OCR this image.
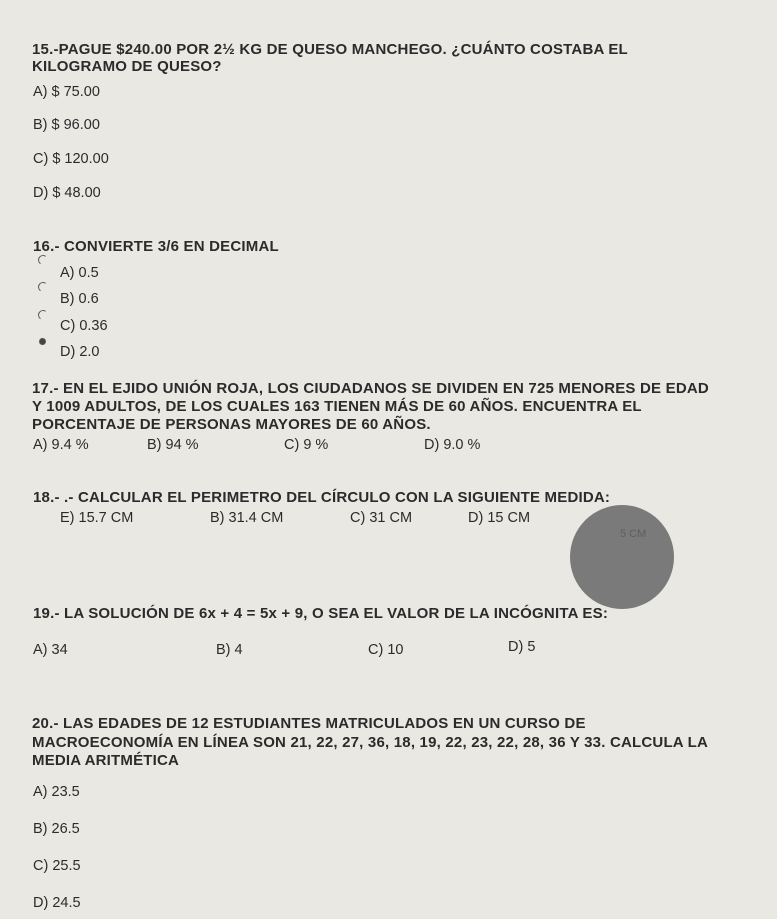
15.-PAGUE $240.00 POR 2½ KG DE QUESO MANCHEGO. ¿CUÁNTO COSTABA EL
KILOGRAMO DE QUESO?
A) $ 75.00
B) $ 96.00
C) $ 120.00
D) $ 48.00
16.- CONVIERTE 3/6 EN DECIMAL
A) 0.5
B) 0.6
C) 0.36
D) 2.0
17.- EN EL EJIDO UNIÓN ROJA, LOS CIUDADANOS SE DIVIDEN EN 725 MENORES DE EDAD
Y 1009 ADULTOS, DE LOS CUALES 163 TIENEN MÁS DE 60 AÑOS. ENCUENTRA EL
PORCENTAJE DE PERSONAS MAYORES DE 60 AÑOS.
A) 9.4 %	B) 94 %	C) 9 %	D) 9.0 %
18.- .- CALCULAR EL PERIMETRO DEL CÍRCULO CON LA SIGUIENTE MEDIDA:
E) 15.7 CM	B) 31.4 CM	C) 31 CM	D) 15 CM
5 CM
19.- LA SOLUCIÓN DE 6x + 4 = 5x + 9, O SEA EL VALOR DE LA INCÓGNITA ES:
A) 34	B) 4	C) 10	D) 5
20.- LAS EDADES DE 12 ESTUDIANTES MATRICULADOS EN UN CURSO DE
MACROECONOMÍA EN LÍNEA SON 21, 22, 27, 36, 18, 19, 22, 23, 22, 28, 36 Y 33. CALCULA LA
MEDIA ARITMÉTICA
A) 23.5
B) 26.5
C) 25.5
D) 24.5
